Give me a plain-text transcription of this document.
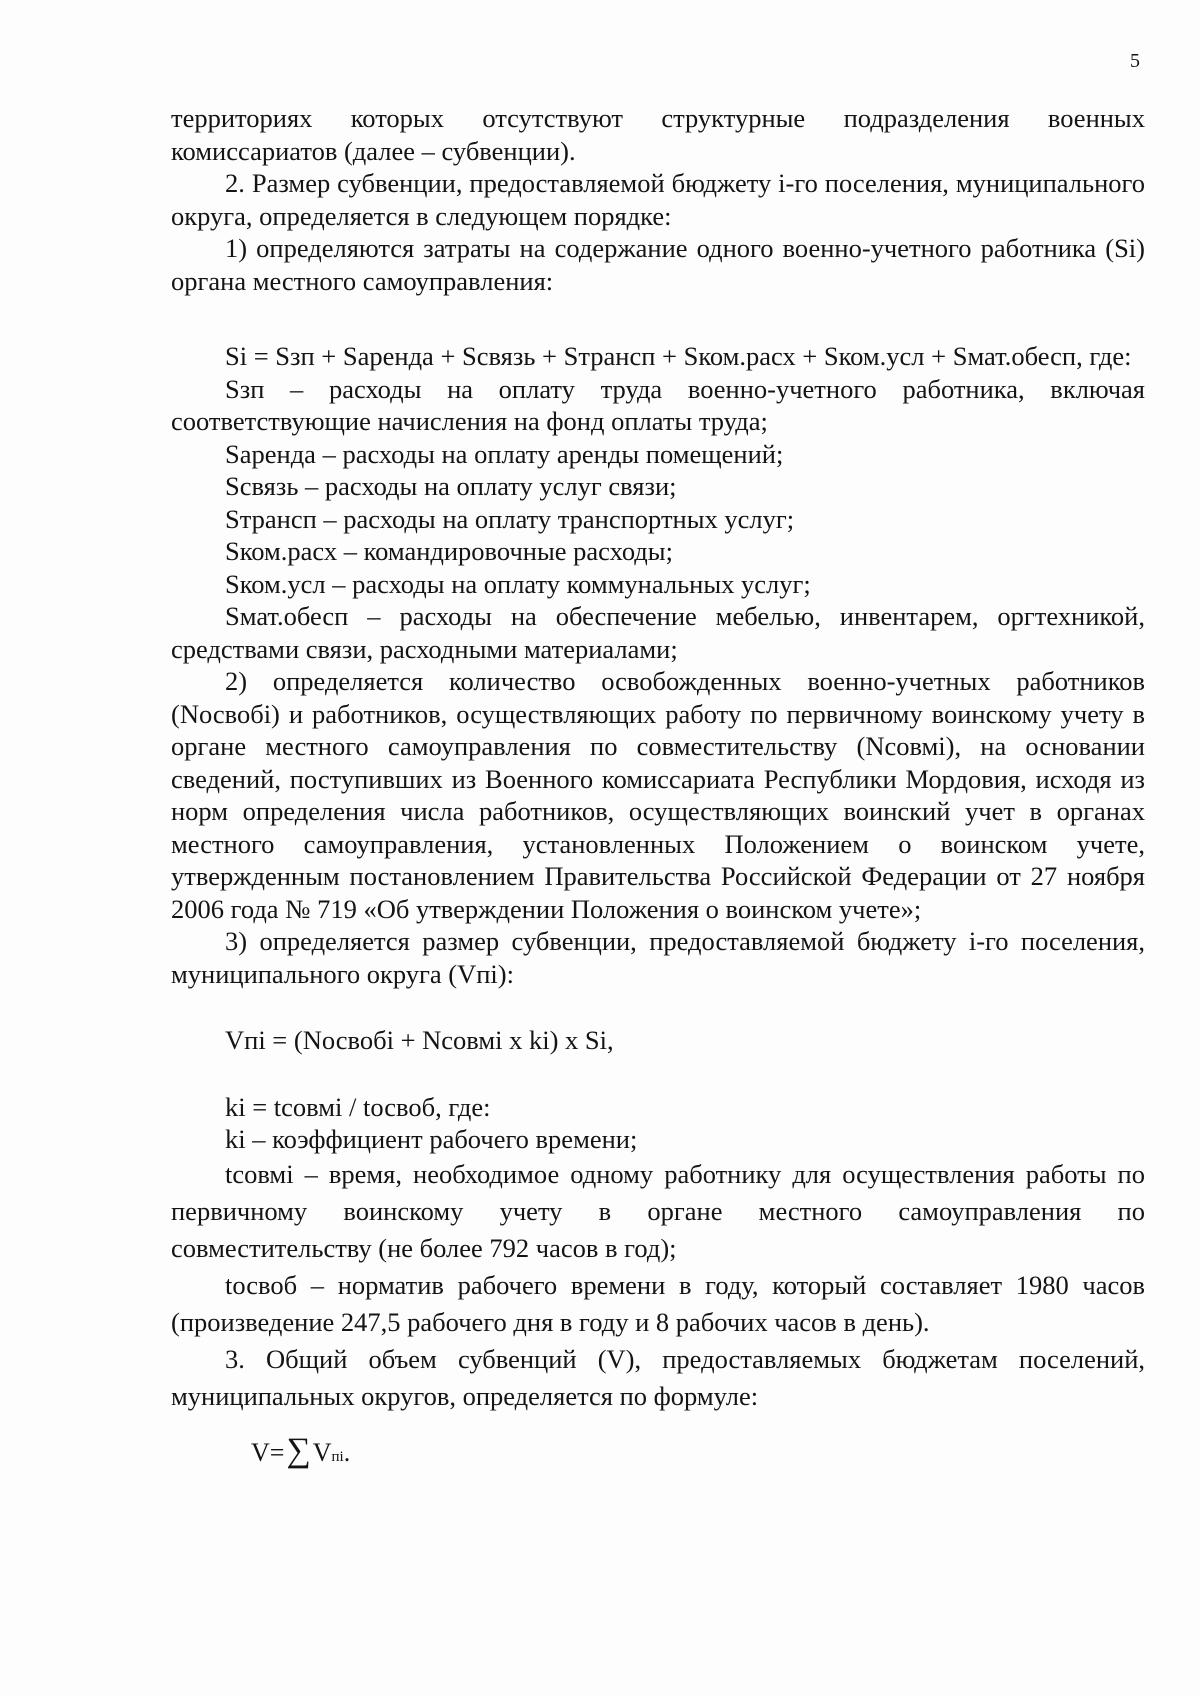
5

территориях которых отсутствуют структурные подразделения военных комиссариатов (далее – субвенции).

2. Размер субвенции, предоставляемой бюджету i-го поселения, муниципального округа, определяется в следующем порядке:

1) определяются затраты на содержание одного военно-учетного работника (Si) органа местного самоуправления:

Si = Sзп + Sаренда + Sсвязь + Sтрансп + Sком.расх + Sком.усл + Sмат.обесп, где:

Sзп – расходы на оплату труда военно-учетного работника, включая соответствующие начисления на фонд оплаты труда;

Sаренда – расходы на оплату аренды помещений;

Sсвязь – расходы на оплату услуг связи;

Sтрансп – расходы на оплату транспортных услуг;

Sком.расх – командировочные расходы;

Sком.усл – расходы на оплату коммунальных услуг;

Sмат.обесп – расходы на обеспечение мебелью, инвентарем, оргтехникой, средствами связи, расходными материалами;

2) определяется количество освобожденных военно-учетных работников (Nосвобi) и работников, осуществляющих работу по первичному воинскому учету в органе местного самоуправления по совместительству (Nсовмi), на основании сведений, поступивших из Военного комиссариата Республики Мордовия, исходя из норм определения числа работников, осуществляющих воинский учет в органах местного самоуправления, установленных Положением о воинском учете, утвержденным постановлением Правительства Российской Федерации от 27 ноября 2006 года № 719 «Об утверждении Положения о воинском учете»;

3) определяется размер субвенции, предоставляемой бюджету i-го поселения, муниципального округа (Vпi):

Vпi = (Nосвобi + Nсовмi x ki) x Si,

ki = tсовмi / tосвоб, где:

ki – коэффициент рабочего времени;

tсовмi – время, необходимое одному работнику для осуществления работы по первичному воинскому учету в органе местного самоуправления по совместительству (не более 792 часов в год);

tосвоб – норматив рабочего времени в году, который составляет 1980 часов (произведение 247,5 рабочего дня в году и 8 рабочих часов в день).

3. Общий объем субвенций (V), предоставляемых бюджетам поселений, муниципальных округов, определяется по формуле:

V= ∑ V пi .
